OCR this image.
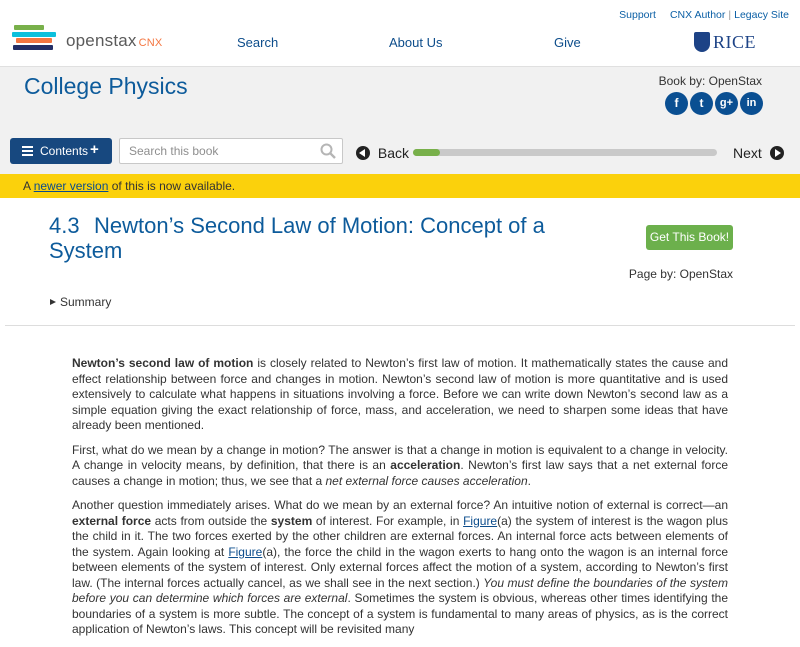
openstax CNX
Support CNX Author | Legacy Site
Search	About Us	Give	RICE
College Physics	Book by: OpenStax
f	t	g+	in
Contents +
Search this book	Back	Next
A newer version of this is now available.
4.3 Newton’s Second Law of Motion: Concept of a System
Get This Book!
Page by: OpenStax
Summary

Newton’s second law of motion is closely related to Newton’s first law of motion. It mathematically states the cause and effect relationship between force and changes in motion. Newton’s second law of motion is more quantitative and is used extensively to calculate what happens in situations involving a force. Before we can write down Newton’s second law as a simple equation giving the exact relationship of force, mass, and acceleration, we need to sharpen some ideas that have already been mentioned.

First, what do we mean by a change in motion? The answer is that a change in motion is equivalent to a change in velocity. A change in velocity means, by definition, that there is an acceleration. Newton’s first law says that a net external force causes a change in motion; thus, we see that a net external force causes acceleration.

Another question immediately arises. What do we mean by an external force? An intuitive notion of external is correct—an external force acts from outside the system of interest. For example, in Figure(a) the system of interest is the wagon plus the child in it. The two forces exerted by the other children are external forces. An internal force acts between elements of the system. Again looking at Figure(a), the force the child in the wagon exerts to hang onto the wagon is an internal force between elements of the system of interest. Only external forces affect the motion of a system, according to Newton’s first law. (The internal forces actually cancel, as we shall see in the next section.) You must define the boundaries of the system before you can determine which forces are external. Sometimes the system is obvious, whereas other times identifying the boundaries of a system is more subtle. The concept of a system is fundamental to many areas of physics, as is the correct application of Newton’s laws. This concept will be revisited many
